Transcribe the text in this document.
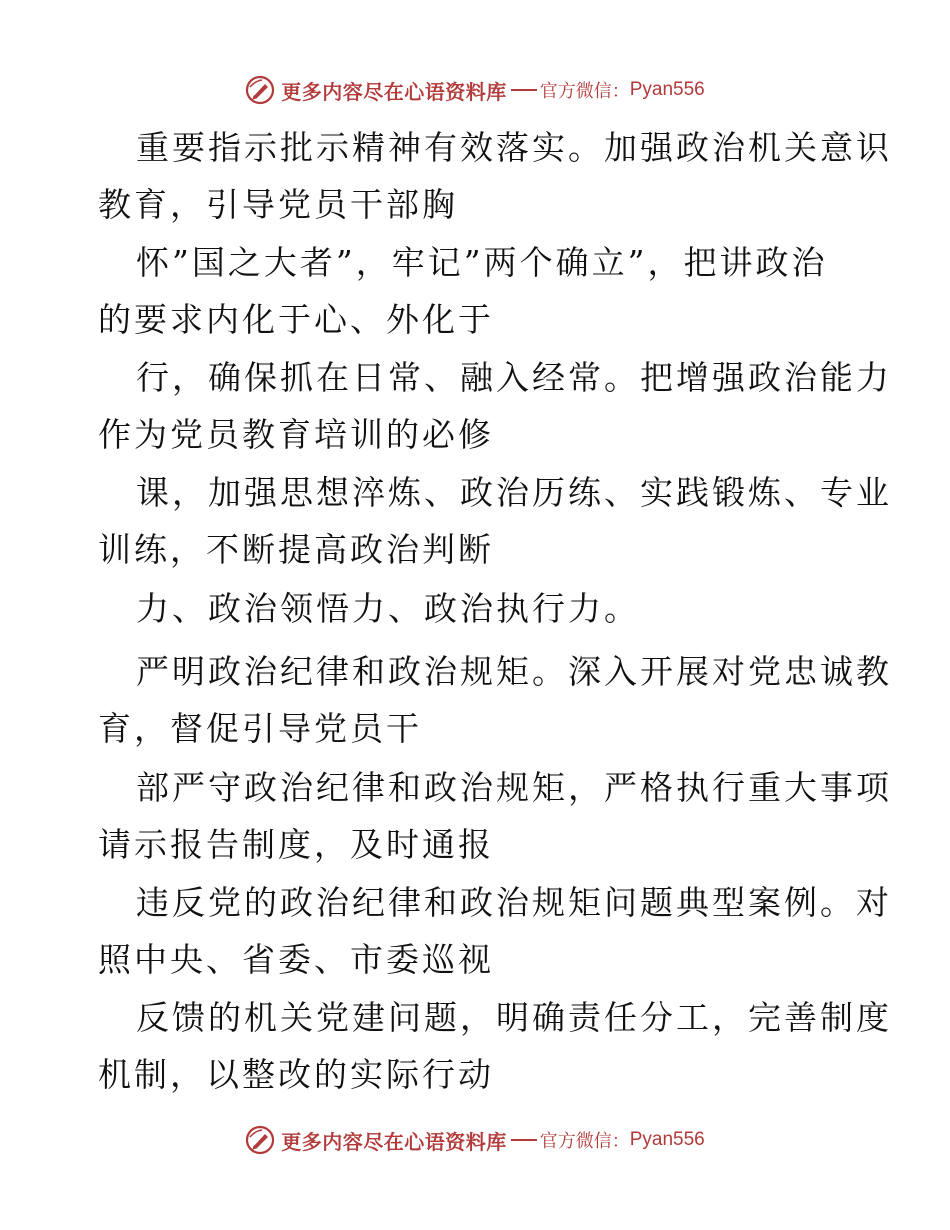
更多内容尽在心语资料库 官方微信： Pyan556
重要指示批示精神有效落实。加强政治机关意识
教育，引导党员干部胸
怀”国之大者”，牢记”两个确立”，把讲政治
的要求内化于心、外化于
行，确保抓在日常、融入经常。把增强政治能力
作为党员教育培训的必修
课，加强思想淬炼、政治历练、实践锻炼、专业
训练，不断提高政治判断
力、政治领悟力、政治执行力。
严明政治纪律和政治规矩。深入开展对党忠诚教
育，督促引导党员干
部严守政治纪律和政治规矩，严格执行重大事项
请示报告制度，及时通报
违反党的政治纪律和政治规矩问题典型案例。对
照中央、省委、市委巡视
反馈的机关党建问题，明确责任分工，完善制度
机制，以整改的实际行动
更多内容尽在心语资料库 官方微信： Pyan556
